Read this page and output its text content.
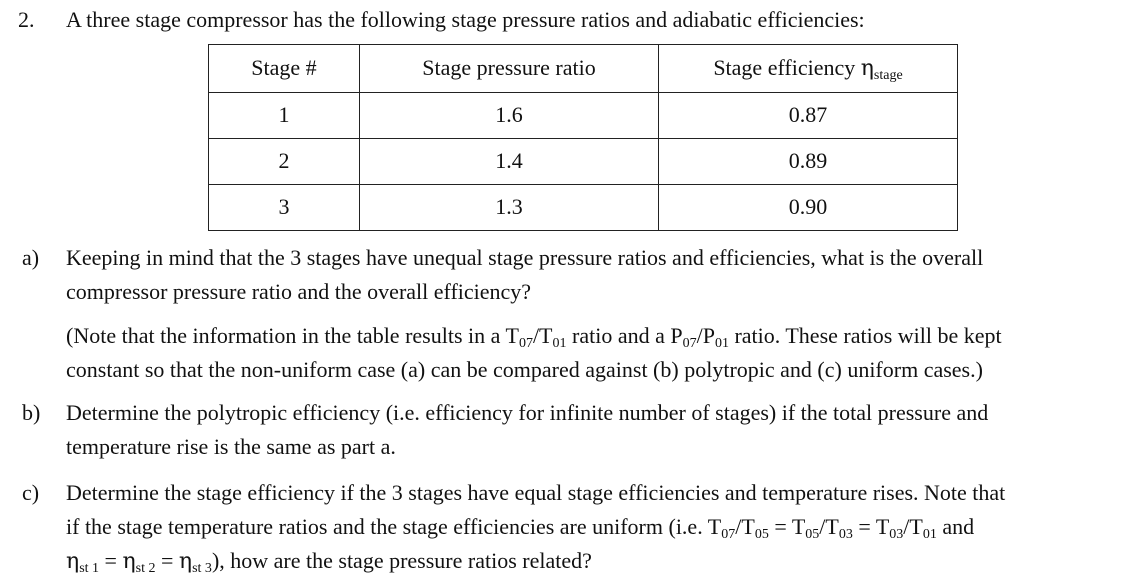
2. A three stage compressor has the following stage pressure ratios and adiabatic efficiencies:
Stage #	Stage pressure ratio	Stage efficiency $\eta_{stage}$
1	1.6	0.87
2	1.4	0.89
3	1.3	0.90
a) Keeping in mind that the 3 stages have unequal stage pressure ratios and efficiencies, what is the overall
compressor pressure ratio and the overall efficiency?
(Note that the information in the table results in a $T_{07}/T_{01}$ ratio and a $P_{07}/P_{01}$ ratio. These ratios will be kept
constant so that the non-uniform case (a) can be compared against (b) polytropic and (c) uniform cases.)
b) Determine the polytropic efficiency (i.e. efficiency for infinite number of stages) if the total pressure and
temperature rise is the same as part a.
c) Determine the stage efficiency if the 3 stages have equal stage efficiencies and temperature rises. Note that
if the stage temperature ratios and the stage efficiencies are uniform (i.e. $T_{07}/T_{05} = T_{05}/T_{03} = T_{03}/T_{01}$ and
$\eta_{st 1} = \eta_{st 2} = \eta_{st 3}$), how are the stage pressure ratios related?
